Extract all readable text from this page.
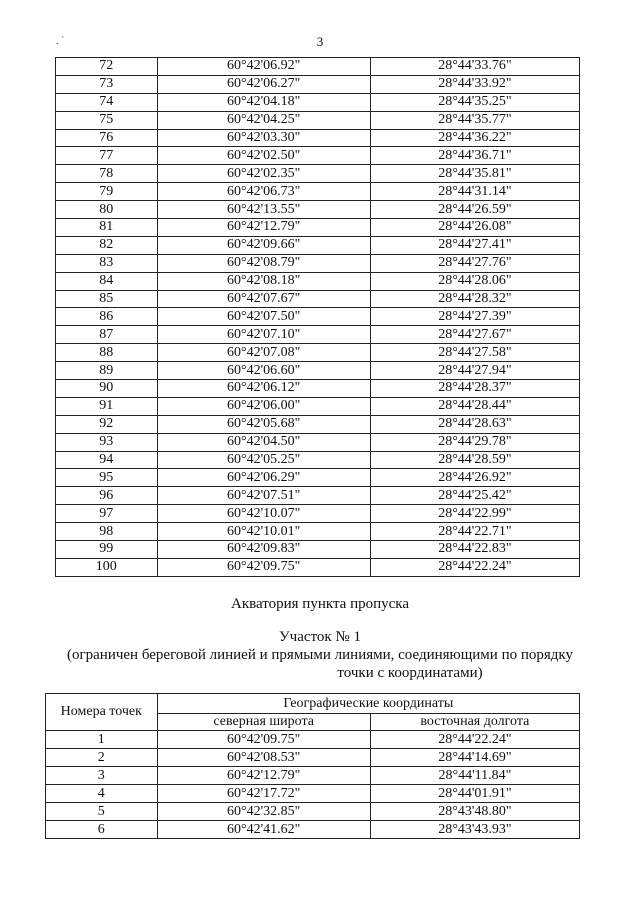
. `	3
72	60°42'06.92"	28°44'33.76"
73	60°42'06.27"	28°44'33.92"
74	60°42'04.18"	28°44'35.25"
75	60°42'04.25"	28°44'35.77"
76	60°42'03.30"	28°44'36.22"
77	60°42'02.50"	28°44'36.71"
78	60°42'02.35"	28°44'35.81"
79	60°42'06.73"	28°44'31.14"
80	60°42'13.55"	28°44'26.59"
81	60°42'12.79"	28°44'26.08"
82	60°42'09.66"	28°44'27.41"
83	60°42'08.79"	28°44'27.76"
84	60°42'08.18"	28°44'28.06"
85	60°42'07.67"	28°44'28.32"
86	60°42'07.50"	28°44'27.39"
87	60°42'07.10"	28°44'27.67"
88	60°42'07.08"	28°44'27.58"
89	60°42'06.60"	28°44'27.94"
90	60°42'06.12"	28°44'28.37"
91	60°42'06.00"	28°44'28.44"
92	60°42'05.68"	28°44'28.63"
93	60°42'04.50"	28°44'29.78"
94	60°42'05.25"	28°44'28.59"
95	60°42'06.29"	28°44'26.92"
96	60°42'07.51"	28°44'25.42"
97	60°42'10.07"	28°44'22.99"
98	60°42'10.01"	28°44'22.71"
99	60°42'09.83"	28°44'22.83"
100	60°42'09.75"	28°44'22.24"
Акватория пункта пропуска
Участок № 1
(ограничен береговой линией и прямыми линиями, соединяющими по порядку
точки с координатами)
Номера точек	Географические координаты	
	северная широта	восточная долгота
1	60°42'09.75"	28°44'22.24"
2	60°42'08.53"	28°44'14.69"
3	60°42'12.79"	28°44'11.84"
4	60°42'17.72"	28°44'01.91"
5	60°42'32.85"	28°43'48.80"
6	60°42'41.62"	28°43'43.93"
